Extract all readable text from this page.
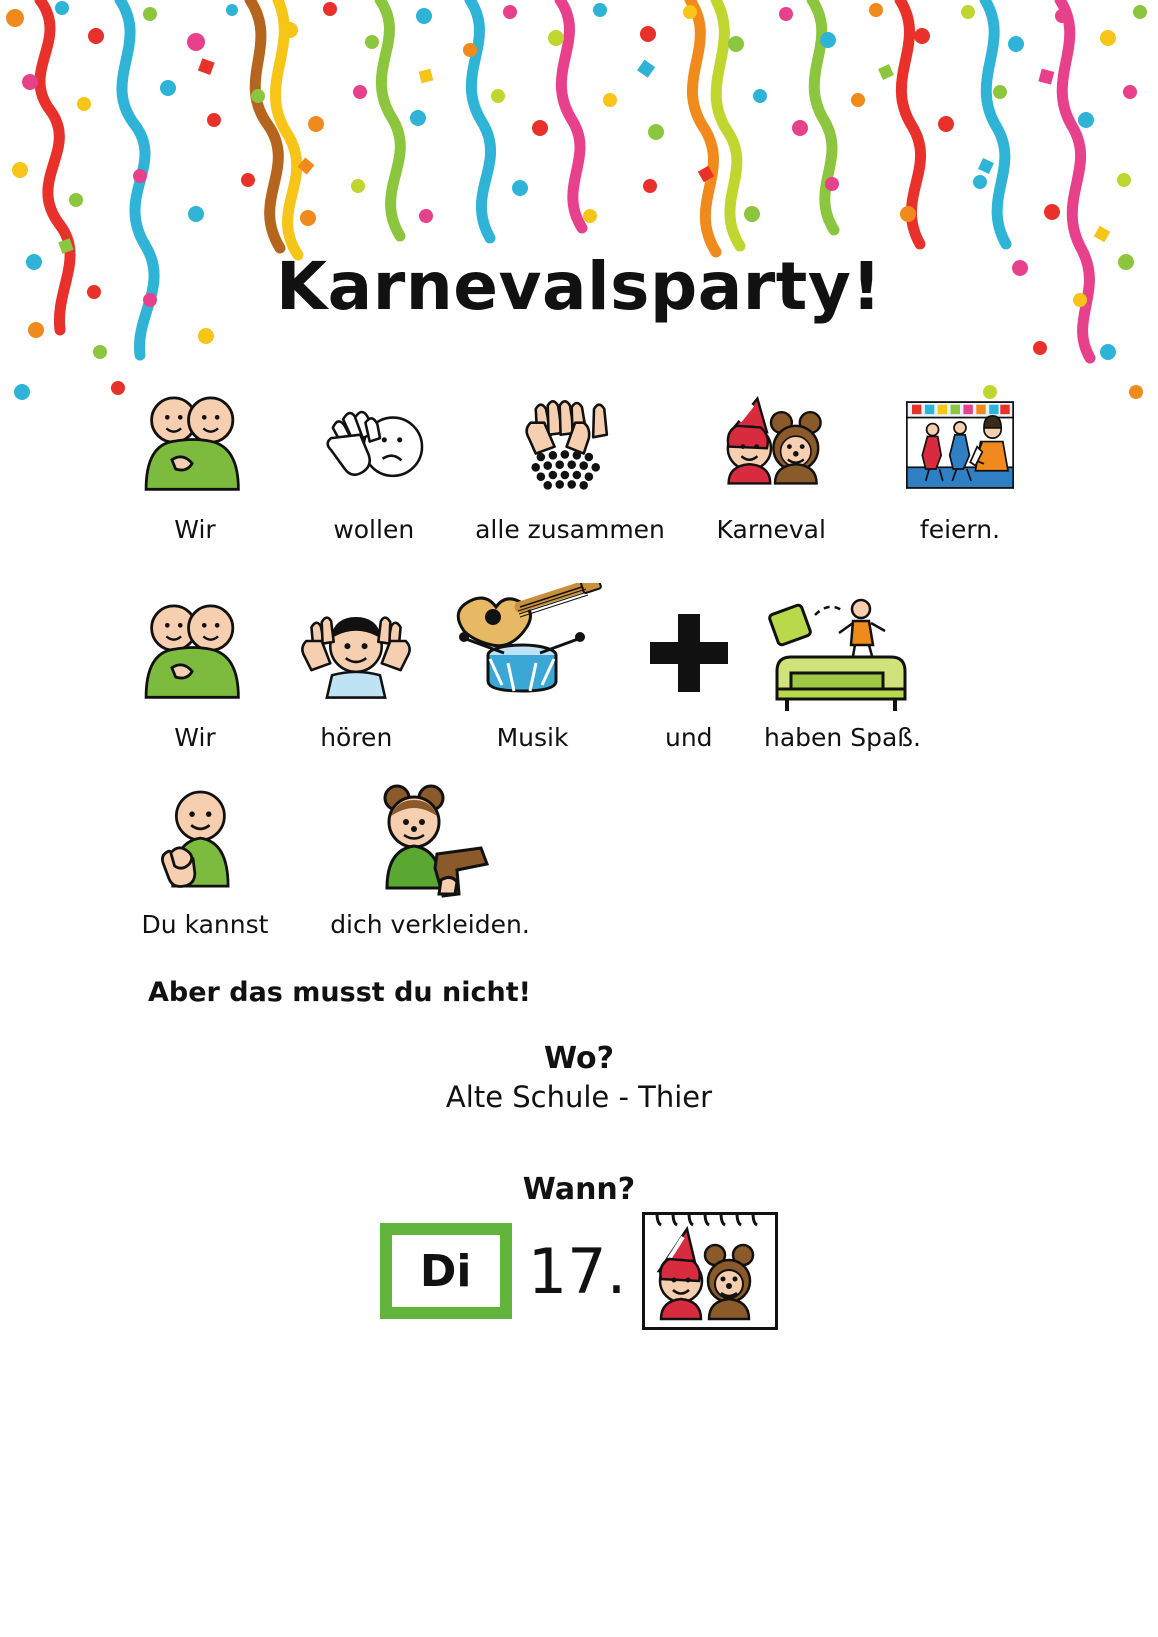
Karnevalsparty!
Wir	wollen alle zusammen Karneval	feiern.
Wir	hören	Musik	und haben Spaß.
Du kannst dich verkleiden.
Aber das musst du nicht!
Wo?
Alte Schule - Thier
Wann?
Di 17.
